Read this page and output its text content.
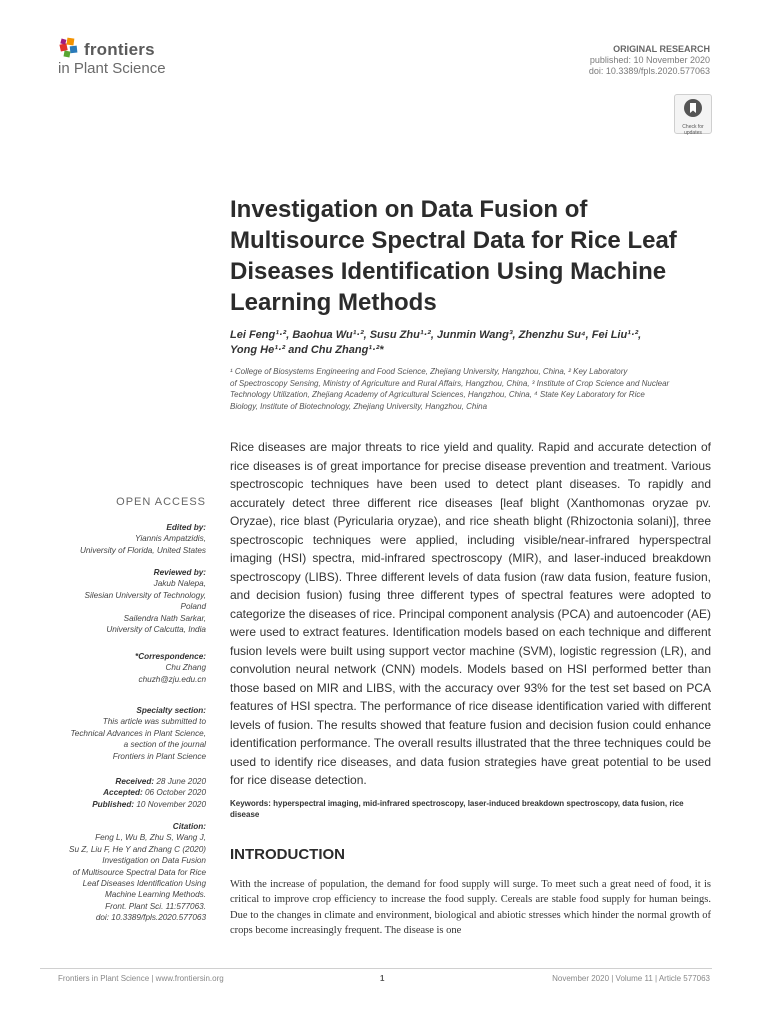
frontiers
in Plant Science
ORIGINAL RESEARCH
published: 10 November 2020
doi: 10.3389/fpls.2020.577063
Check for updates
Investigation on Data Fusion of Multisource Spectral Data for Rice Leaf Diseases Identification Using Machine Learning Methods
Lei Feng¹·², Baohua Wu¹·², Susu Zhu¹·², Junmin Wang³, Zhenzhu Su⁴, Fei Liu¹·²,
Yong He¹·² and Chu Zhang¹·²*
¹ College of Biosystems Engineering and Food Science, Zhejiang University, Hangzhou, China, ² Key Laboratory
of Spectroscopy Sensing, Ministry of Agriculture and Rural Affairs, Hangzhou, China, ³ Institute of Crop Science and Nuclear
Technology Utilization, Zhejiang Academy of Agricultural Sciences, Hangzhou, China, ⁴ State Key Laboratory for Rice
Biology, Institute of Biotechnology, Zhejiang University, Hangzhou, China
Rice diseases are major threats to rice yield and quality. Rapid and accurate detection of rice diseases is of great importance for precise disease prevention and treatment. Various spectroscopic techniques have been used to detect plant diseases. To rapidly and accurately detect three different rice diseases [leaf blight (Xanthomonas oryzae pv. Oryzae), rice blast (Pyricularia oryzae), and rice sheath blight (Rhizoctonia solani)], three spectroscopic techniques were applied, including visible/near-infrared hyperspectral imaging (HSI) spectra, mid-infrared spectroscopy (MIR), and laser-induced breakdown spectroscopy (LIBS). Three different levels of data fusion (raw data fusion, feature fusion, and decision fusion) fusing three different types of spectral features were adopted to categorize the diseases of rice. Principal component analysis (PCA) and autoencoder (AE) were used to extract features. Identification models based on each technique and different fusion levels were built using support vector machine (SVM), logistic regression (LR), and convolution neural network (CNN) models. Models based on HSI performed better than those based on MIR and LIBS, with the accuracy over 93% for the test set based on PCA features of HSI spectra. The performance of rice disease identification varied with different levels of fusion. The results showed that feature fusion and decision fusion could enhance identification performance. The overall results illustrated that the three techniques could be used to identify rice diseases, and data fusion strategies have great potential to be used for rice disease detection.
Keywords: hyperspectral imaging, mid-infrared spectroscopy, laser-induced breakdown spectroscopy, data fusion, rice disease
INTRODUCTION
With the increase of population, the demand for food supply will surge. To meet such a great need of food, it is critical to improve crop efficiency to increase the food supply. Cereals are stable food supply for human beings. Due to the changes in climate and environment, biological and abiotic stresses which hinder the normal growth of crops become increasingly frequent. The disease is one
OPEN ACCESS
Edited by:
Yiannis Ampatzidis,
University of Florida, United States
Reviewed by:
Jakub Nalepa,
Silesian University of Technology,
Poland
Sailendra Nath Sarkar,
University of Calcutta, India
*Correspondence:
Chu Zhang
chuzh@zju.edu.cn
Specialty section:
This article was submitted to
Technical Advances in Plant Science,
a section of the journal
Frontiers in Plant Science
Received: 28 June 2020
Accepted: 06 October 2020
Published: 10 November 2020
Citation:
Feng L, Wu B, Zhu S, Wang J,
Su Z, Liu F, He Y and Zhang C (2020)
Investigation on Data Fusion
of Multisource Spectral Data for Rice
Leaf Diseases Identification Using
Machine Learning Methods.
Front. Plant Sci. 11:577063.
doi: 10.3389/fpls.2020.577063
Frontiers in Plant Science | www.frontiersin.org	1	November 2020 | Volume 11 | Article 577063
